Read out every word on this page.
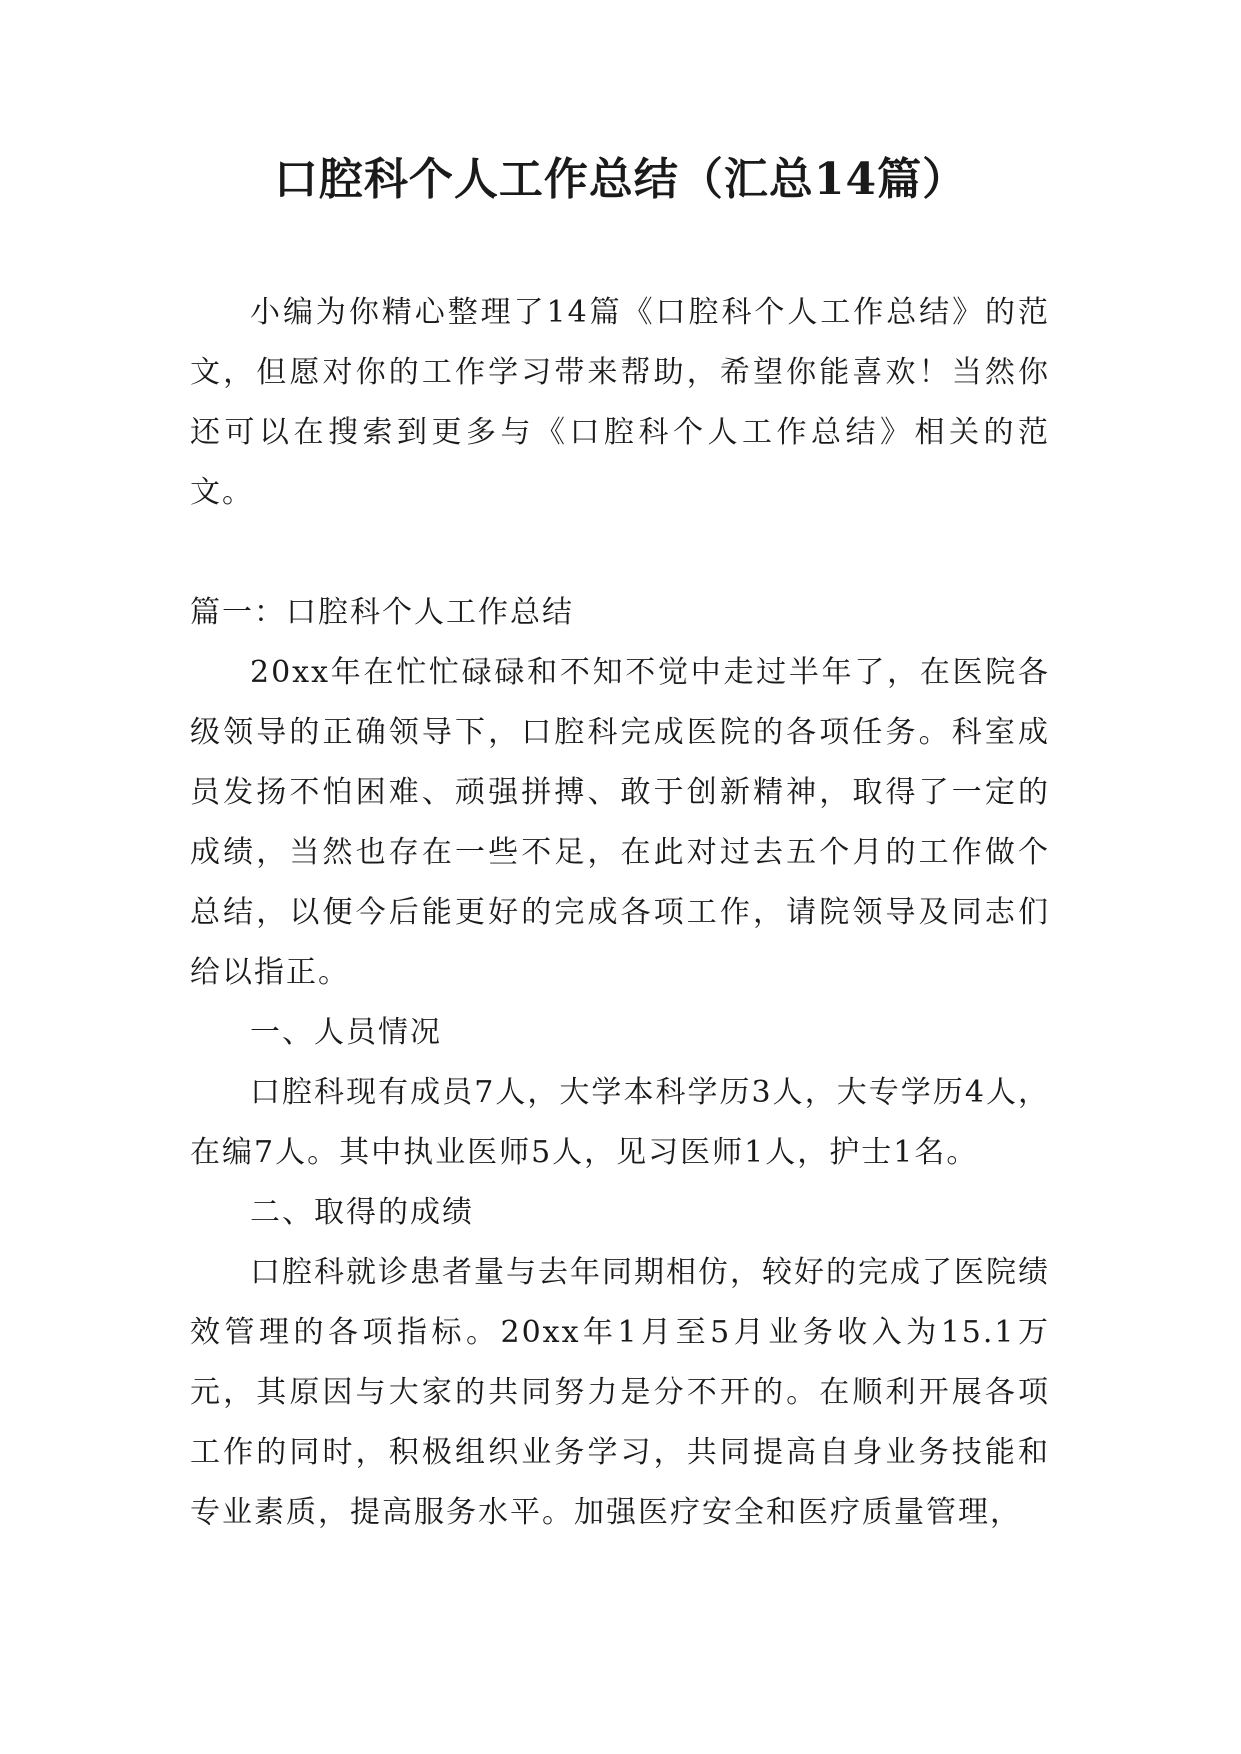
口腔科个人工作总结（汇总14篇）

小编为你精心整理了14篇《口腔科个人工作总结》的范文，但愿对你的工作学习带来帮助，希望你能喜欢！当然你还可以在搜索到更多与《口腔科个人工作总结》相关的范文。

篇一：口腔科个人工作总结

20xx年在忙忙碌碌和不知不觉中走过半年了，在医院各级领导的正确领导下，口腔科完成医院的各项任务。科室成员发扬不怕困难、顽强拼搏、敢于创新精神，取得了一定的成绩，当然也存在一些不足，在此对过去五个月的工作做个总结，以便今后能更好的完成各项工作，请院领导及同志们给以指正。

一、人员情况

口腔科现有成员7人，大学本科学历3人，大专学历4人，在编7人。其中执业医师5人，见习医师1人，护士1名。

二、取得的成绩

口腔科就诊患者量与去年同期相仿，较好的完成了医院绩效管理的各项指标。20xx年1月至5月业务收入为15.1万元，其原因与大家的共同努力是分不开的。在顺利开展各项工作的同时，积极组织业务学习，共同提高自身业务技能和专业素质，提高服务水平。加强医疗安全和医疗质量管理，
